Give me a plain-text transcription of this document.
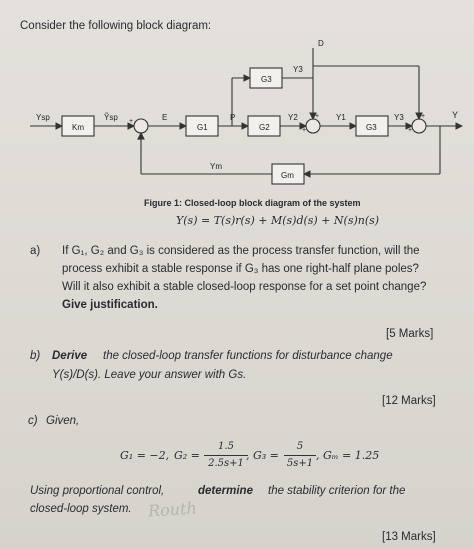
Consider the following block diagram:
Ysp
Km
Ỹsp	E
G1
P
G2
Y2
G3
Y3
D
Y1
G3
Y3	Y
Ym
Gm
+
−
+
+
+
+
Figure 1: Closed-loop block diagram of the system
Y(s) = T(s)r(s) + M(s)d(s) + N(s)n(s)
a) If G₁, G₂ and G₃ is considered as the process transfer function, will the
process exhibit a stable response if G₃ has one right-half plane poles?
Will it also exhibit a stable closed-loop response for a set point change?
Give justification.
[5 Marks]
b) Derive the closed-loop transfer functions for disturbance change
Y(s)/D(s). Leave your answer with Gs.
[12 Marks]
c) Given,
G₁ = −2, G₂ =
1.5
2.5s+1
, G₃ =
5
5s+1
, Gₘ = 1.25
Using proportional control,	determine the stability criterion for the
closed-loop system. Routh
[13 Marks]
